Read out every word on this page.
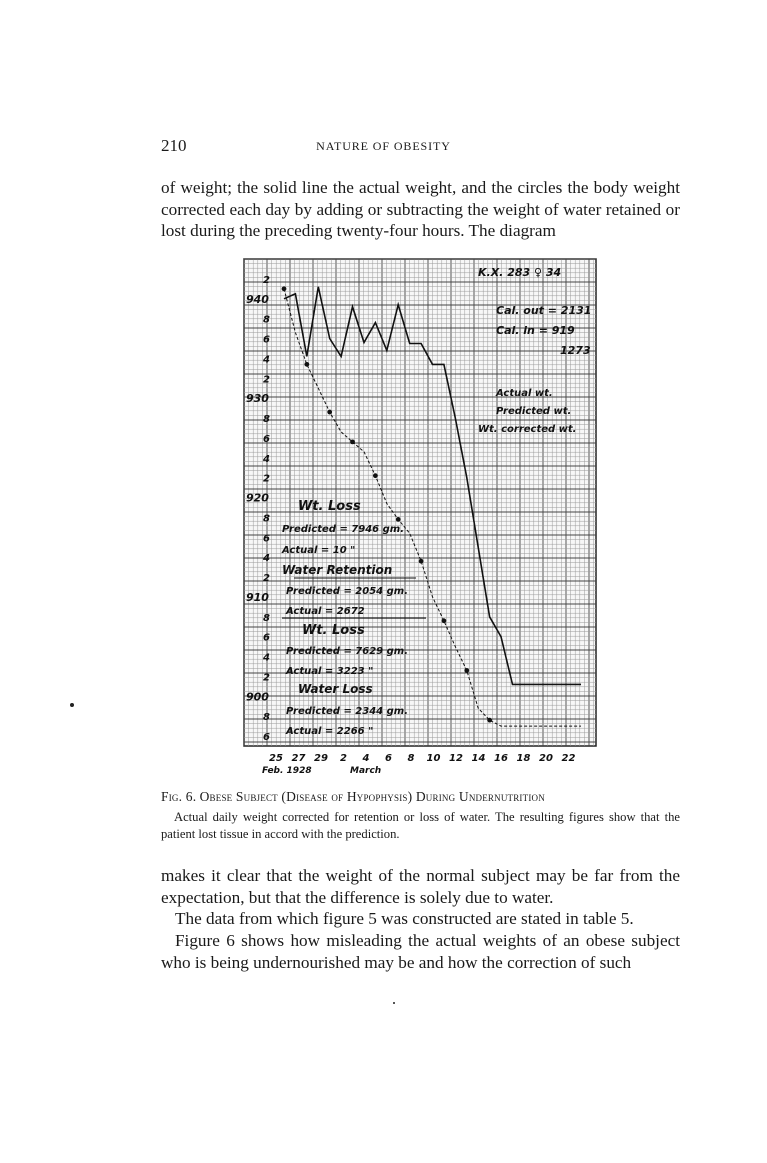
210	NATURE OF OBESITY

of weight; the solid line the actual weight, and the circles the body weight corrected each day by adding or subtracting the weight of water retained or lost during the preceding twenty-four hours. The diagram

940
930
920
910
900
2
8
6
4
2
8
6
4
2
8
6
4
2
8
6
4
2
8
6
K.X. 283 ♀ 34
Cal. out = 2131
Cal. in = 919
1273
Actual wt.
Predicted wt.
Wt. corrected wt.
Wt. Loss
Predicted = 7946 gm.
Actual = 10 "
Water Retention
Predicted = 2054 gm.
Actual = 2672
Wt. Loss
Predicted = 7629 gm.
Actual = 3223 "
Water Loss
Predicted = 2344 gm.
Actual = 2266 "
25 27 29 2 4 6 8 10 12 14 16 18 20 22
Feb. 1928	March
Fig. 6. Obese Subject (Disease of Hypophysis) During Undernutrition

Actual daily weight corrected for retention or loss of water. The resulting figures show that the patient lost tissue in accord with the prediction.

makes it clear that the weight of the normal subject may be far from the expectation, but that the difference is solely due to water.

The data from which figure 5 was constructed are stated in table 5.

Figure 6 shows how misleading the actual weights of an obese subject who is being undernourished may be and how the correction of such
